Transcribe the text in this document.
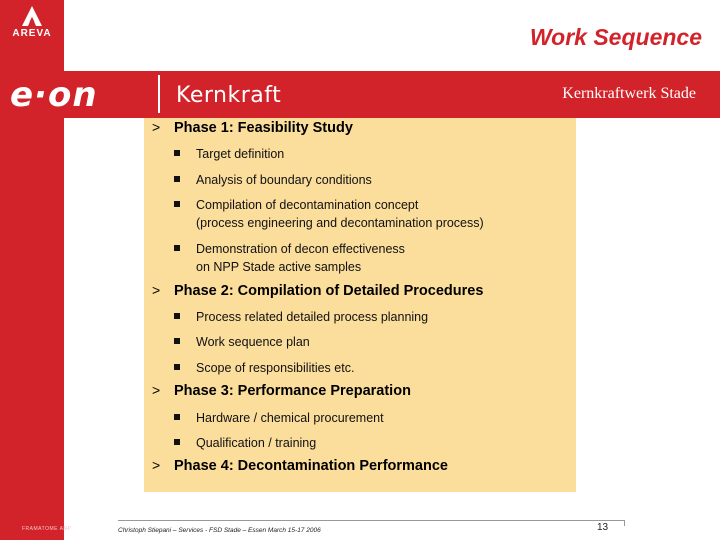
AREVA	Work Sequence
e·on	Kernkraft	Kernkraftwerk Stade
> Phase 1: Feasibility Study
Target definition
Analysis of boundary conditions
Compilation of decontamination concept
(process engineering and decontamination process)
Demonstration of decon effectiveness
on NPP Stade active samples
> Phase 2: Compilation of Detailed Procedures
Process related detailed process planning
Work sequence plan
Scope of responsibilities etc.
> Phase 3: Performance Preparation
Hardware / chemical procurement
Qualification / training
> Phase 4: Decontamination Performance
FRAMATOME ANP	Christoph Stiepani – Services - FSD Stade – Essen March 15-17 2006	13
